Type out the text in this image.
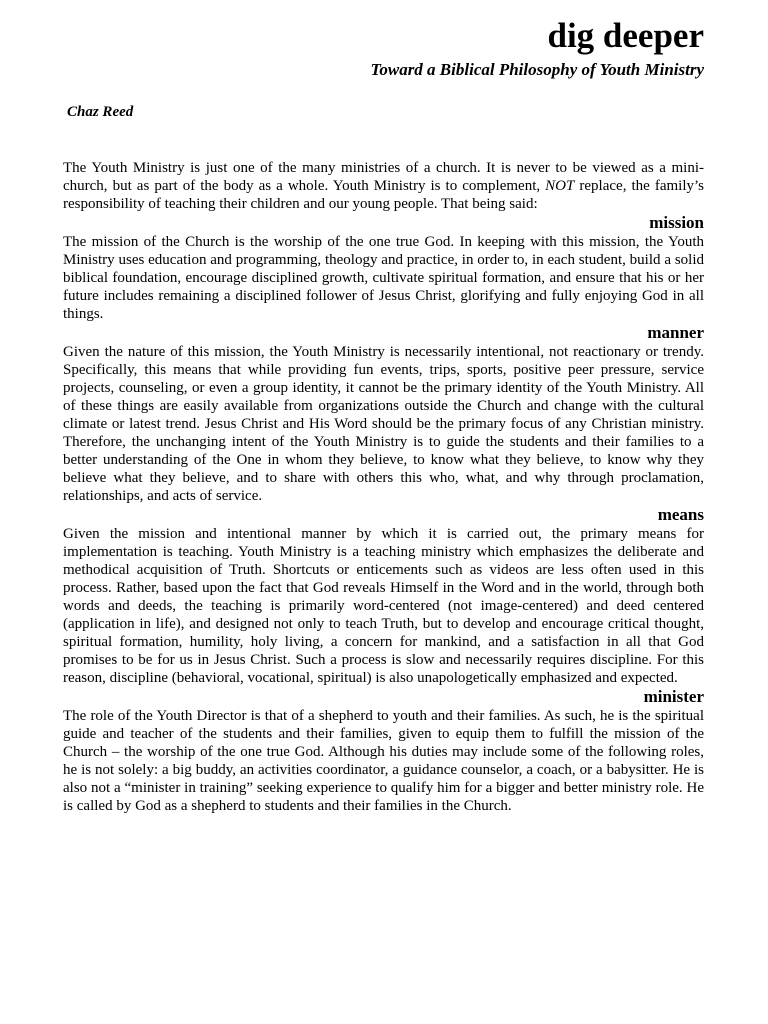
dig deeper
Toward a Biblical Philosophy of Youth Ministry
Chaz Reed

The Youth Ministry is just one of the many ministries of a church. It is never to be viewed as a mini-church, but as part of the body as a whole. Youth Ministry is to complement, NOT replace, the family’s responsibility of teaching their children and our young people. That being said:

mission

The mission of the Church is the worship of the one true God. In keeping with this mission, the Youth Ministry uses education and programming, theology and practice, in order to, in each student, build a solid biblical foundation, encourage disciplined growth, cultivate spiritual formation, and ensure that his or her future includes remaining a disciplined follower of Jesus Christ, glorifying and fully enjoying God in all things.

manner

Given the nature of this mission, the Youth Ministry is necessarily intentional, not reactionary or trendy. Specifically, this means that while providing fun events, trips, sports, positive peer pressure, service projects, counseling, or even a group identity, it cannot be the primary identity of the Youth Ministry. All of these things are easily available from organizations outside the Church and change with the cultural climate or latest trend. Jesus Christ and His Word should be the primary focus of any Christian ministry. Therefore, the unchanging intent of the Youth Ministry is to guide the students and their families to a better understanding of the One in whom they believe, to know what they believe, to know why they believe what they believe, and to share with others this who, what, and why through proclamation, relationships, and acts of service.

means

Given the mission and intentional manner by which it is carried out, the primary means for implementation is teaching. Youth Ministry is a teaching ministry which emphasizes the deliberate and methodical acquisition of Truth. Shortcuts or enticements such as videos are less often used in this process. Rather, based upon the fact that God reveals Himself in the Word and in the world, through both words and deeds, the teaching is primarily word-centered (not image-centered) and deed centered (application in life), and designed not only to teach Truth, but to develop and encourage critical thought, spiritual formation, humility, holy living, a concern for mankind, and a satisfaction in all that God promises to be for us in Jesus Christ. Such a process is slow and necessarily requires discipline. For this reason, discipline (behavioral, vocational, spiritual) is also unapologetically emphasized and expected.

minister

The role of the Youth Director is that of a shepherd to youth and their families. As such, he is the spiritual guide and teacher of the students and their families, given to equip them to fulfill the mission of the Church – the worship of the one true God. Although his duties may include some of the following roles, he is not solely: a big buddy, an activities coordinator, a guidance counselor, a coach, or a babysitter. He is also not a “minister in training” seeking experience to qualify him for a bigger and better ministry role. He is called by God as a shepherd to students and their families in the Church.
